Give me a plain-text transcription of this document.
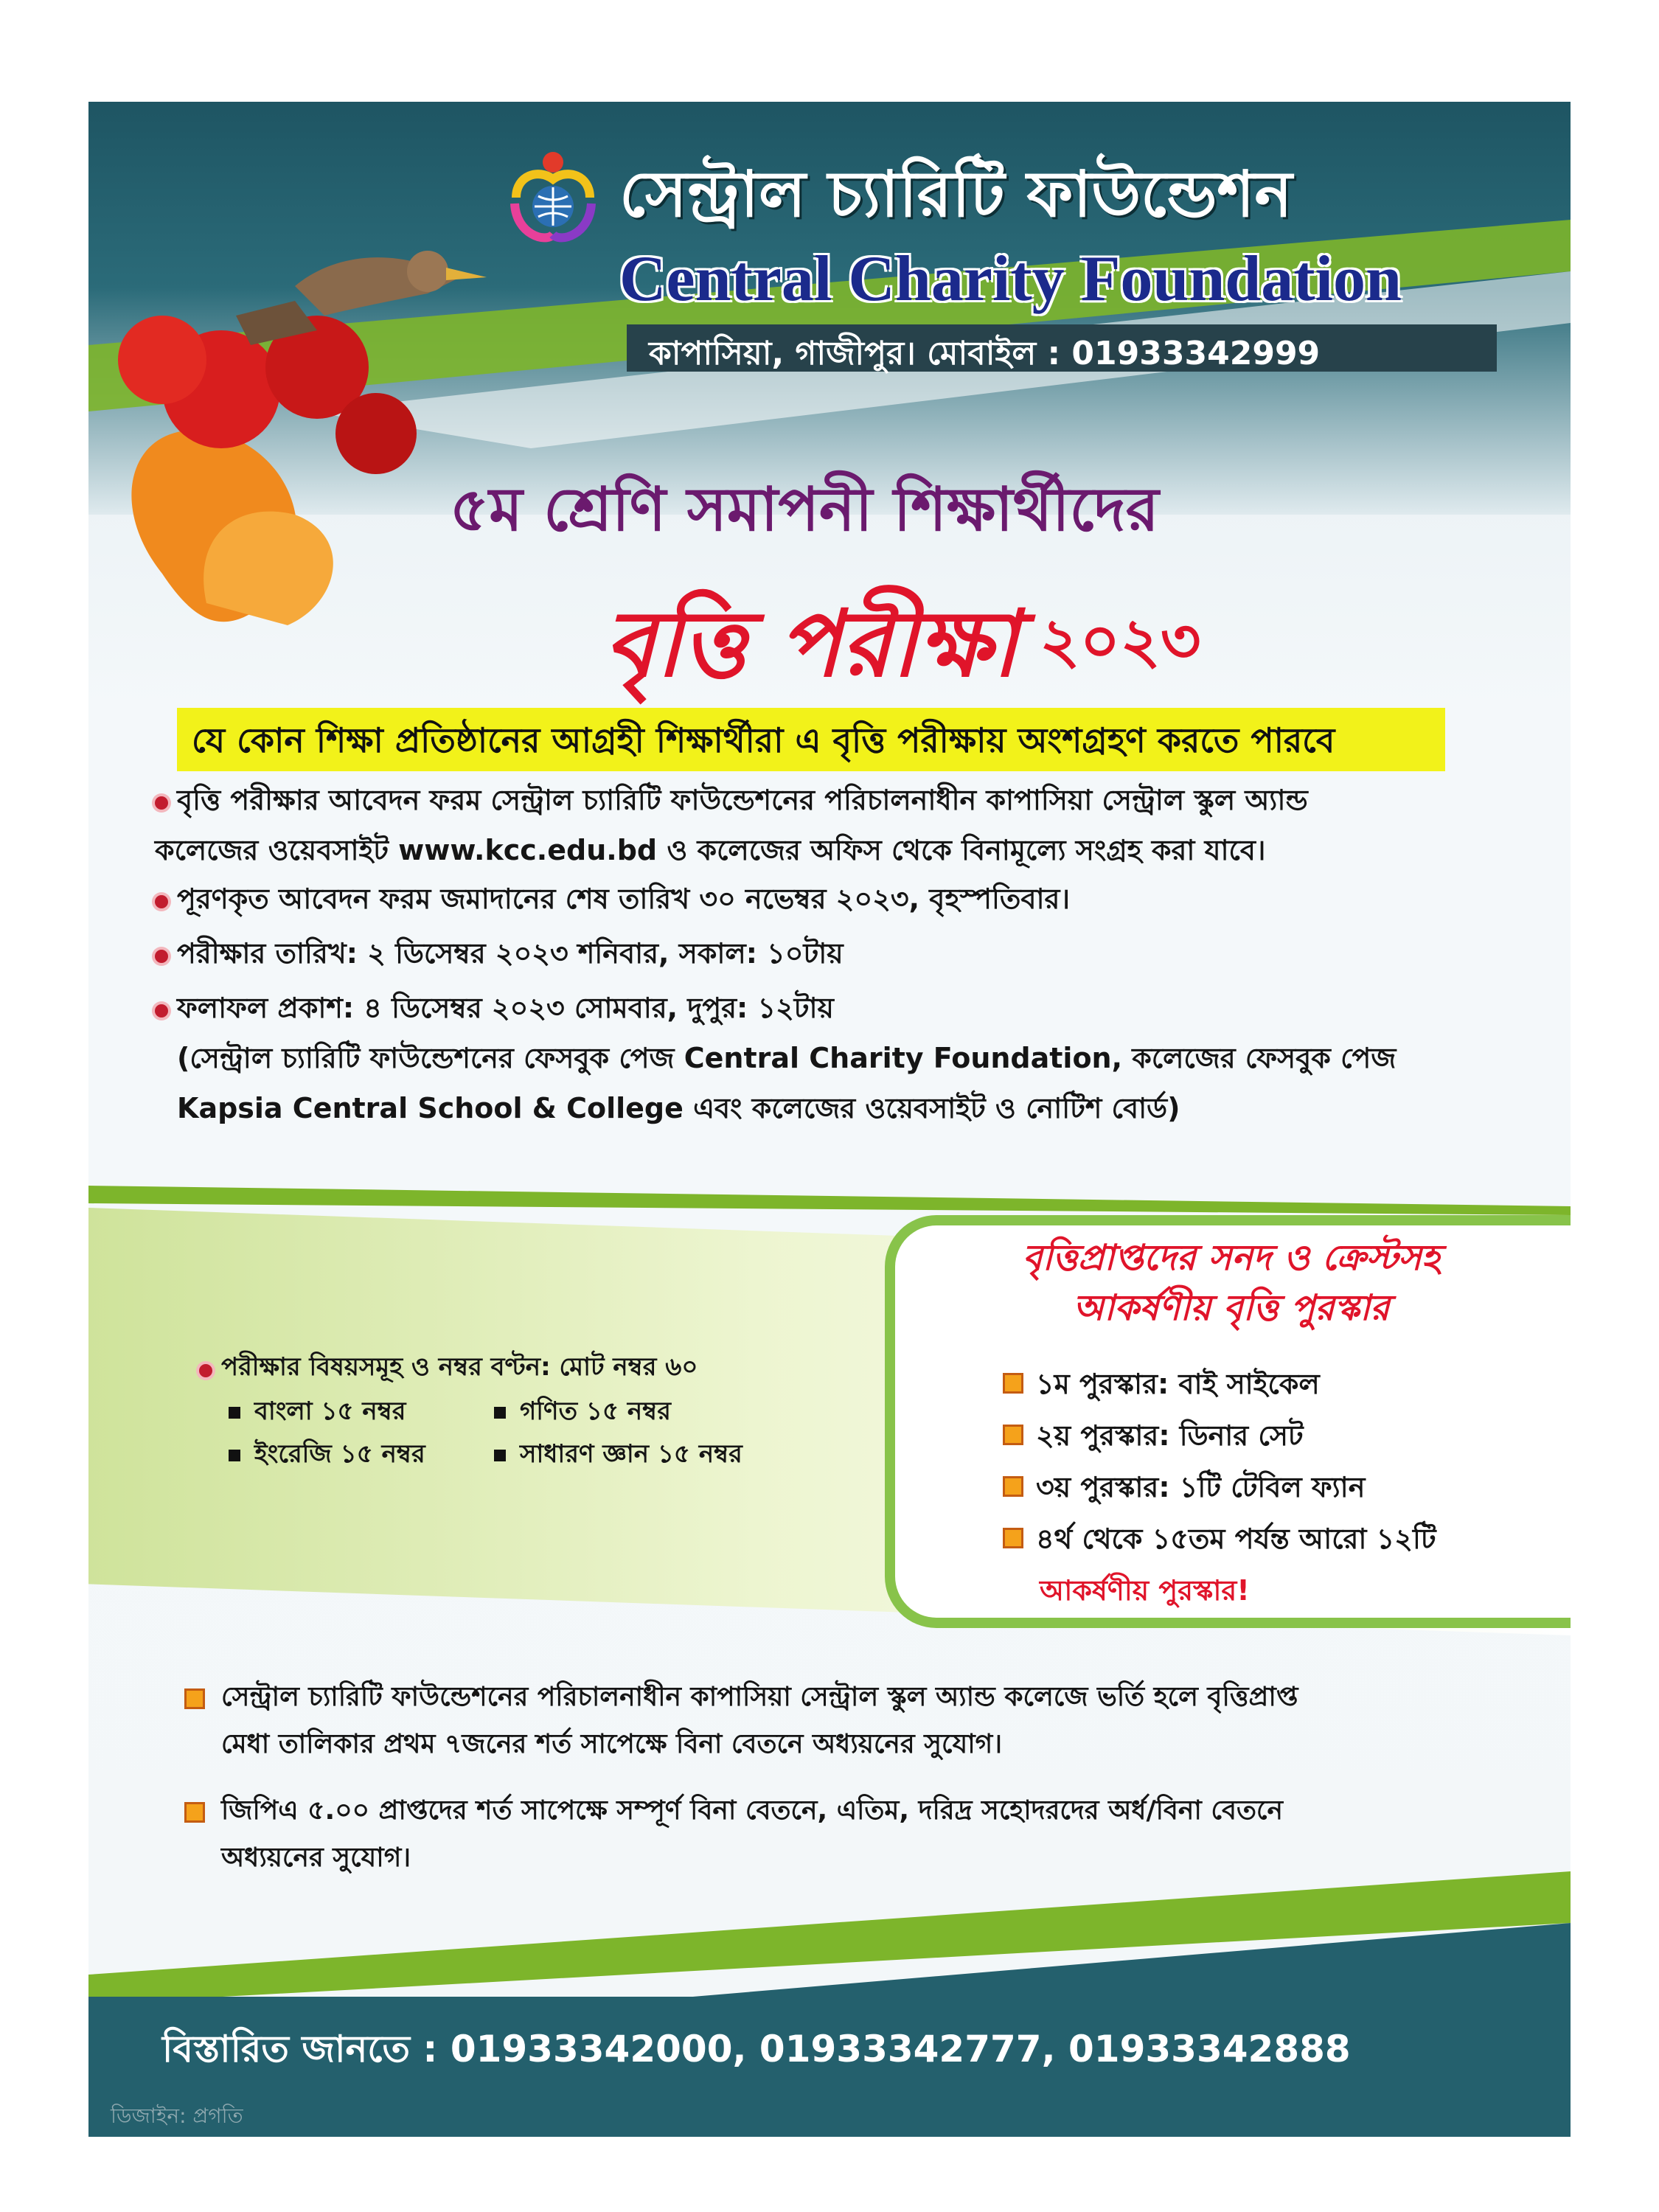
সেন্ট্রাল চ্যারিটি ফাউন্ডেশন
Central Charity Foundation
কাপাসিয়া, গাজীপুর। মোবাইল : 01933342999
৫ম শ্রেণি সমাপনী শিক্ষার্থীদের
বৃত্তি পরীক্ষা ২০২৩
যে কোন শিক্ষা প্রতিষ্ঠানের আগ্রহী শিক্ষার্থীরা এ বৃত্তি পরীক্ষায় অংশগ্রহণ করতে পারবে
বৃত্তি পরীক্ষার আবেদন ফরম সেন্ট্রাল চ্যারিটি ফাউন্ডেশনের পরিচালনাধীন কাপাসিয়া সেন্ট্রাল স্কুল অ্যান্ড
কলেজের ওয়েবসাইট www.kcc.edu.bd ও কলেজের অফিস থেকে বিনামূল্যে সংগ্রহ করা যাবে।
পূরণকৃত আবেদন ফরম জমাদানের শেষ তারিখ ৩০ নভেম্বর ২০২৩, বৃহস্পতিবার।
পরীক্ষার তারিখ: ২ ডিসেম্বর ২০২৩ শনিবার, সকাল: ১০টায়
ফলাফল প্রকাশ: ৪ ডিসেম্বর ২০২৩ সোমবার, দুপুর: ১২টায়
(সেন্ট্রাল চ্যারিটি ফাউন্ডেশনের ফেসবুক পেজ Central Charity Foundation, কলেজের ফেসবুক পেজ
Kapsia Central School & College এবং কলেজের ওয়েবসাইট ও নোটিশ বোর্ড)
পরীক্ষার বিষয়সমূহ ও নম্বর বণ্টন: মোট নম্বর ৬০
বাংলা ১৫ নম্বর	গণিত ১৫ নম্বর
ইংরেজি ১৫ নম্বর	সাধারণ জ্ঞান ১৫ নম্বর
বৃত্তিপ্রাপ্তদের সনদ ও ক্রেস্টসহ
আকর্ষণীয় বৃত্তি পুরস্কার
১ম পুরস্কার: বাই সাইকেল
২য় পুরস্কার: ডিনার সেট
৩য় পুরস্কার: ১টি টেবিল ফ্যান
৪র্থ থেকে ১৫তম পর্যন্ত আরো ১২টি
আকর্ষণীয় পুরস্কার!
সেন্ট্রাল চ্যারিটি ফাউন্ডেশনের পরিচালনাধীন কাপাসিয়া সেন্ট্রাল স্কুল অ্যান্ড কলেজে ভর্তি হলে বৃত্তিপ্রাপ্ত
মেধা তালিকার প্রথম ৭জনের শর্ত সাপেক্ষে বিনা বেতনে অধ্যয়নের সুযোগ।
জিপিএ ৫.০০ প্রাপ্তদের শর্ত সাপেক্ষে সম্পূর্ণ বিনা বেতনে, এতিম, দরিদ্র সহোদরদের অর্ধ/বিনা বেতনে
অধ্যয়নের সুযোগ।
বিস্তারিত জানতে : 01933342000, 01933342777, 01933342888
ডিজাইন: প্রগতি
